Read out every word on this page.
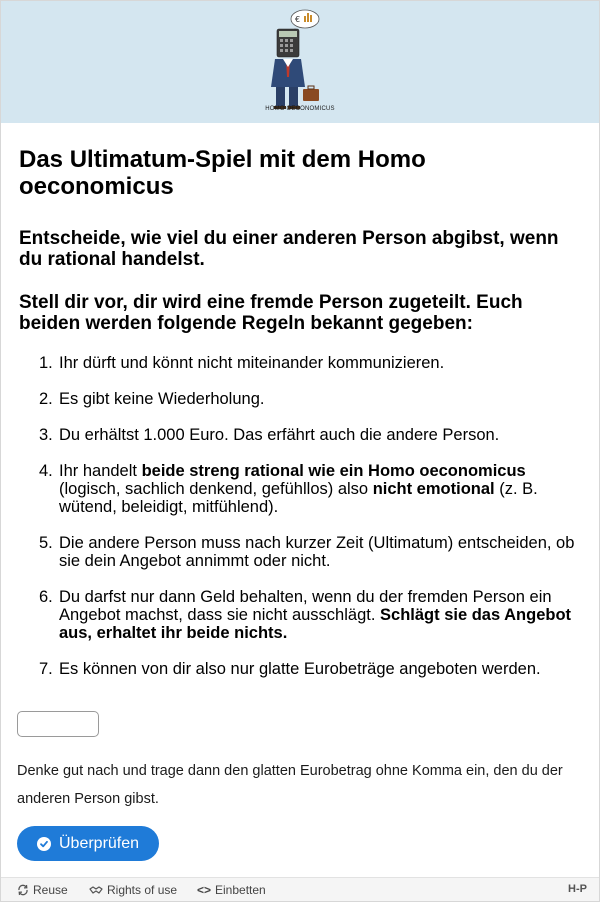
€
HOMO OECONOMICUS
Das Ultimatum-Spiel mit dem Homo oeconomicus
Entscheide, wie viel du einer anderen Person abgibst, wenn du rational handelst.
Stell dir vor, dir wird eine fremde Person zugeteilt. Euch beiden werden folgende Regeln bekannt gegeben:
1. Ihr dürft und könnt nicht miteinander kommunizieren.
2. Es gibt keine Wiederholung.
3. Du erhältst 1.000 Euro. Das erfährt auch die andere Person.
4. Ihr handelt beide streng rational wie ein Homo oeconomicus (logisch, sachlich denkend, gefühllos) also nicht emotional (z. B. wütend, beleidigt, mitfühlend).
5. Die andere Person muss nach kurzer Zeit (Ultimatum) entscheiden, ob sie dein Angebot annimmt oder nicht.
6. Du darfst nur dann Geld behalten, wenn du der fremden Person ein Angebot machst, dass sie nicht ausschlägt. Schlägt sie das Angebot aus, erhaltet ihr beide nichts.
7. Es können von dir also nur glatte Eurobeträge angeboten werden.
Denke gut nach und trage dann den glatten Eurobetrag ohne Komma ein, den du der anderen Person gibst.
Überprüfen
Reuse	Rights of use <> Einbetten	H-P
